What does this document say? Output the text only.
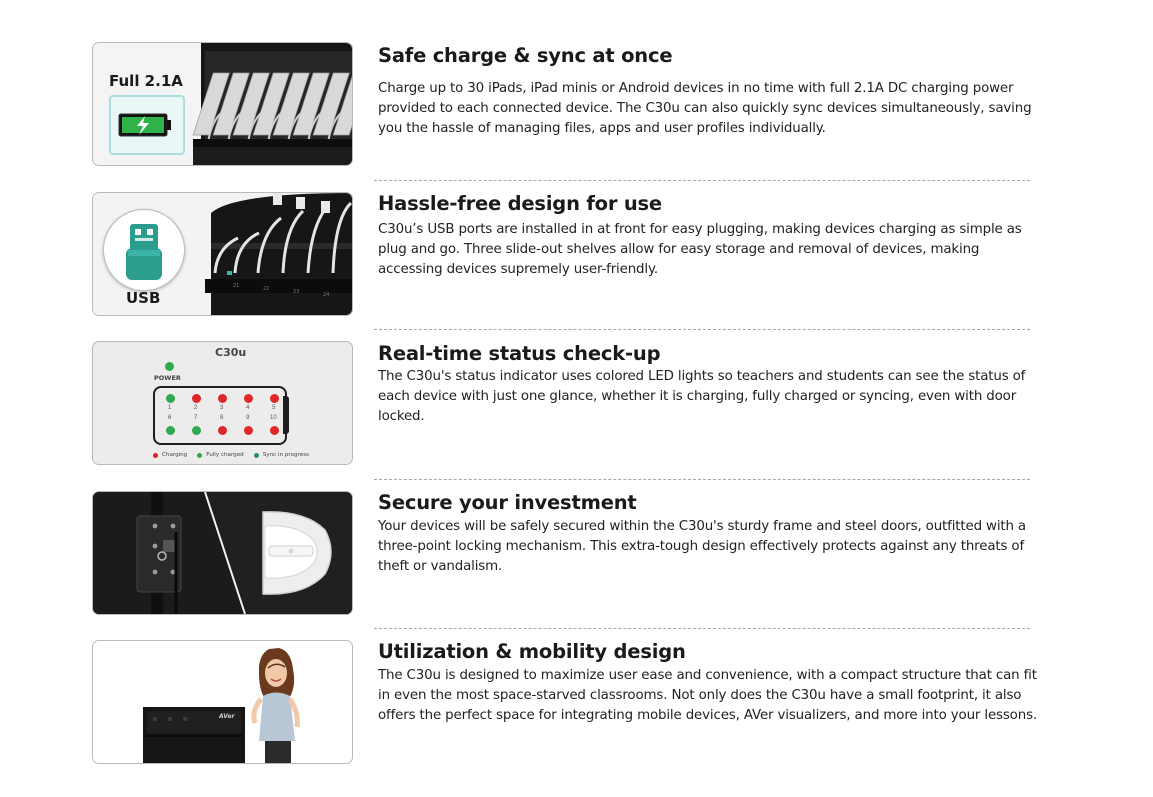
Full 2.1A
Safe charge & sync at once

Charge up to 30 iPads, iPad minis or Android devices in no time with full 2.1A DC charging power provided to each connected device. The C30u can also quickly sync devices simultaneously, saving you the hassle of managing files, apps and user profiles individually.

21	22	23	24
USB
Hassle-free design for use

C30u’s USB ports are installed in at front for easy plugging, making devices charging as simple as plug and go. Three slide-out shelves allow for easy storage and removal of devices, making accessing devices supremely user-friendly.

C30u
POWER
1	2	3	4	5
6	7	8	9	10
Charging	Fully charged	Sync in progress
Real-time status check-up

The C30u's status indicator uses colored LED lights so teachers and students can see the status of each device with just one glance, whether it is charging, fully charged or syncing, even with door locked.

Secure your investment

Your devices will be safely secured within the C30u's sturdy frame and steel doors, outfitted with a three-point locking mechanism. This extra-tough design effectively protects against any threats of theft or vandalism.

AVer
Utilization & mobility design

The C30u is designed to maximize user ease and convenience, with a compact structure that can fit in even the most space-starved classrooms. Not only does the C30u have a small footprint, it also offers the perfect space for integrating mobile devices, AVer visualizers, and more into your lessons.
